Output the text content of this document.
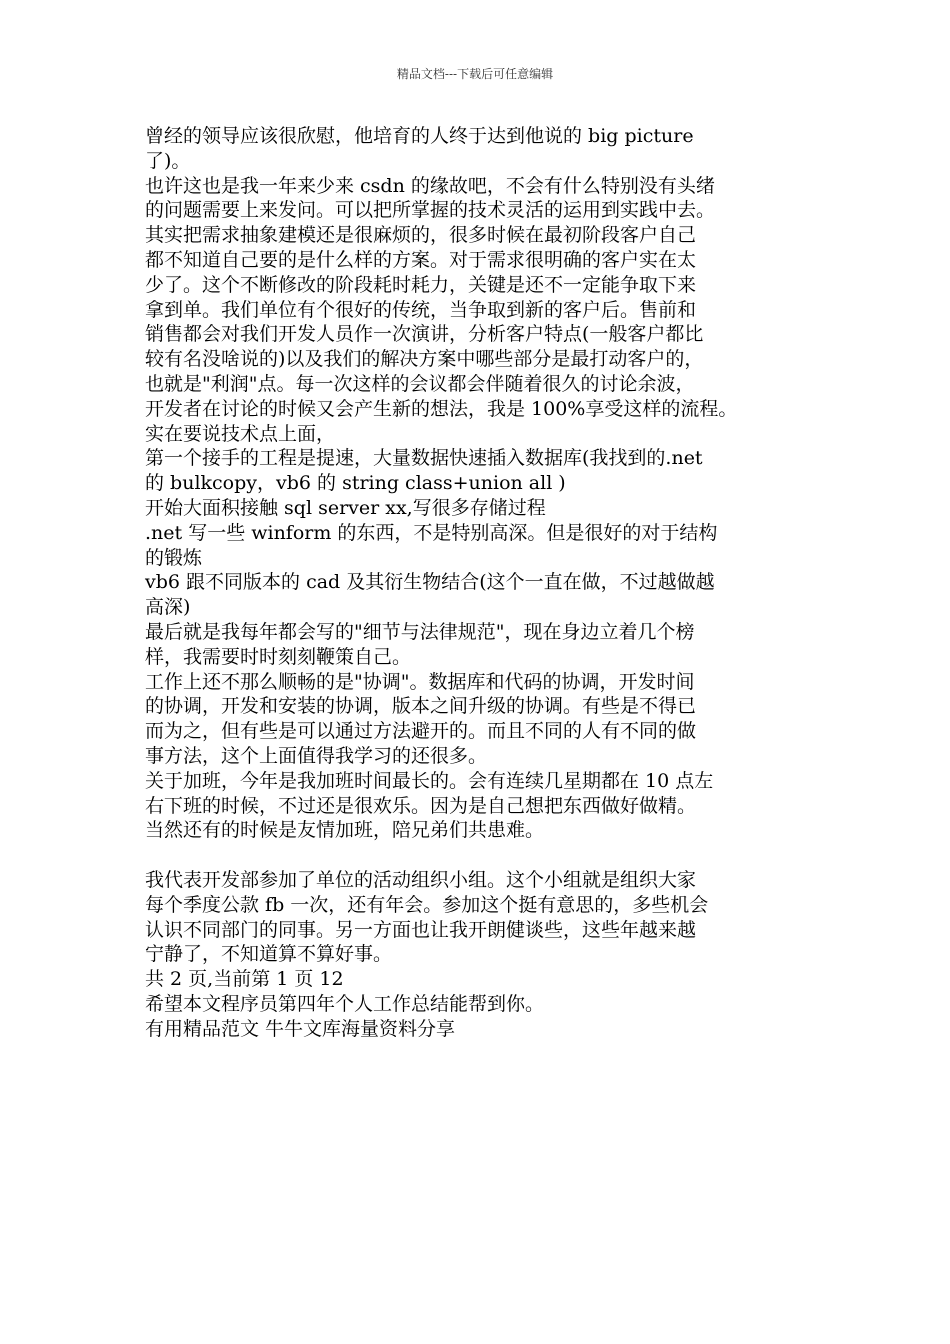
精品文档---下载后可任意编辑
曾经的领导应该很欣慰，他培育的人终于达到他说的 big picture
了)。
也许这也是我一年来少来 csdn 的缘故吧，不会有什么特别没有头绪
的问题需要上来发问。可以把所掌握的技术灵活的运用到实践中去。
其实把需求抽象建模还是很麻烦的，很多时候在最初阶段客户自己
都不知道自己要的是什么样的方案。对于需求很明确的客户实在太
少了。这个不断修改的阶段耗时耗力，关键是还不一定能争取下来
拿到单。我们单位有个很好的传统，当争取到新的客户后。售前和
销售都会对我们开发人员作一次演讲，分析客户特点(一般客户都比
较有名没啥说的)以及我们的解决方案中哪些部分是最打动客户的，
也就是"利润"点。每一次这样的会议都会伴随着很久的讨论余波，
开发者在讨论的时候又会产生新的想法，我是 100%享受这样的流程。
实在要说技术点上面，
第一个接手的工程是提速，大量数据快速插入数据库(我找到的.net
的 bulkcopy，vb6 的 string class+union all )
开始大面积接触 sql server xx,写很多存储过程
.net 写一些 winform 的东西，不是特别高深。但是很好的对于结构
的锻炼
vb6 跟不同版本的 cad 及其衍生物结合(这个一直在做，不过越做越
高深)
最后就是我每年都会写的"细节与法律规范"，现在身边立着几个榜
样，我需要时时刻刻鞭策自己。
工作上还不那么顺畅的是"协调"。数据库和代码的协调，开发时间
的协调，开发和安装的协调，版本之间升级的协调。有些是不得已
而为之，但有些是可以通过方法避开的。而且不同的人有不同的做
事方法，这个上面值得我学习的还很多。
关于加班，今年是我加班时间最长的。会有连续几星期都在 10 点左
右下班的时候，不过还是很欢乐。因为是自己想把东西做好做精。
当然还有的时候是友情加班，陪兄弟们共患难。
我代表开发部参加了单位的活动组织小组。这个小组就是组织大家
每个季度公款 fb 一次，还有年会。参加这个挺有意思的，多些机会
认识不同部门的同事。另一方面也让我开朗健谈些，这些年越来越
宁静了，不知道算不算好事。
共 2 页,当前第 1 页 12
希望本文程序员第四年个人工作总结能帮到你。
有用精品范文 牛牛文库海量资料分享
